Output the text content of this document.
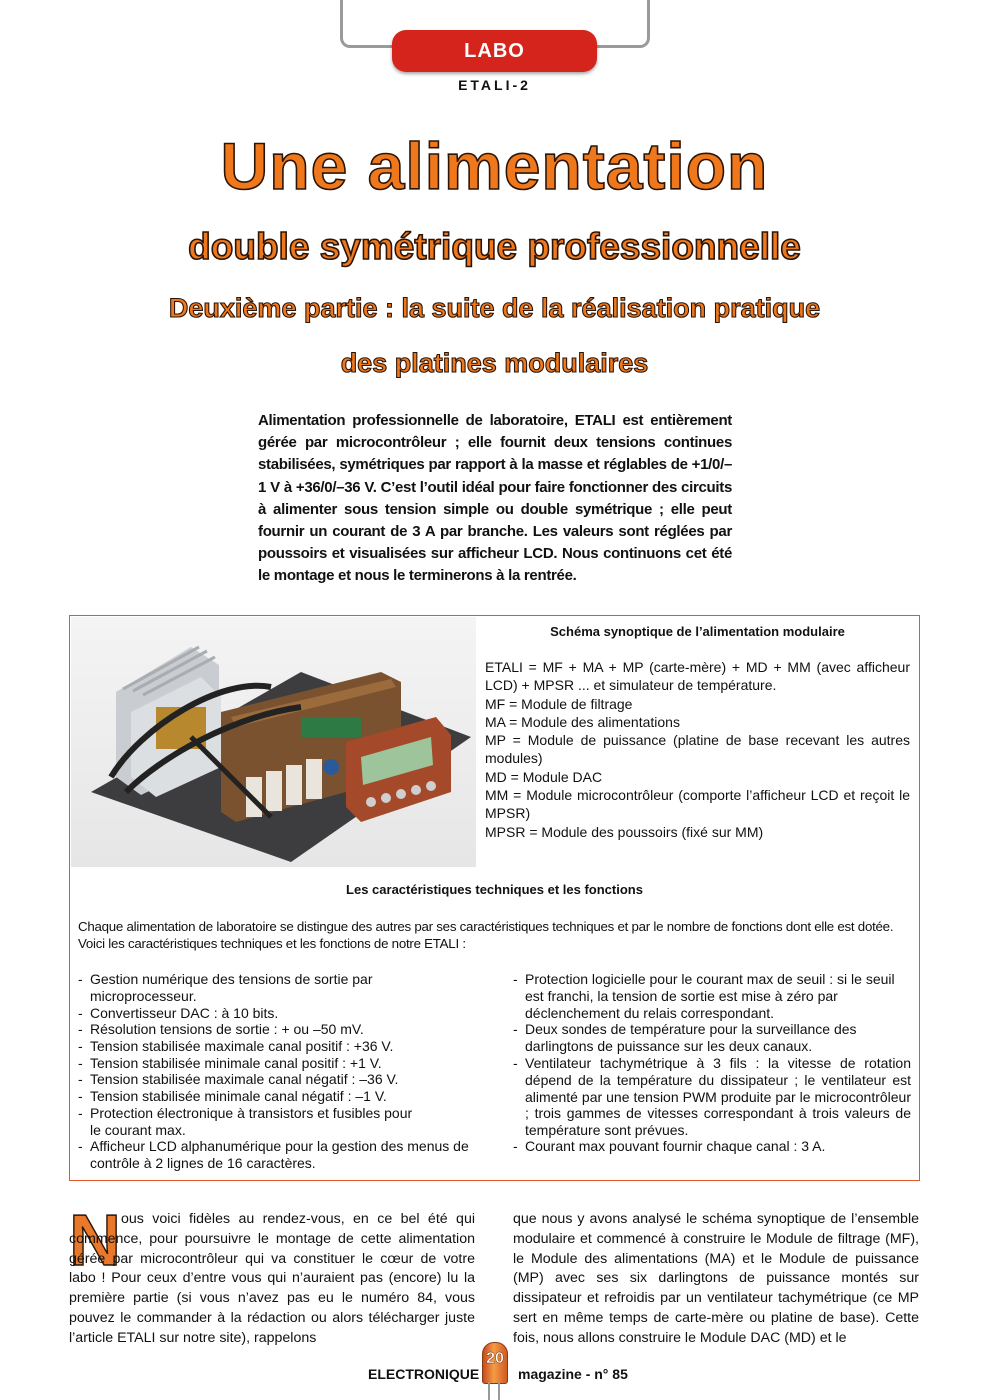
LABO
ETALI-2
Une alimentation
double symétrique professionnelle
Deuxième partie : la suite de la réalisation pratique
des platines modulaires
Alimentation professionnelle de laboratoire, ETALI est entièrement gérée par microcontrôleur ; elle fournit deux tensions continues stabilisées, symétriques par rapport à la masse et réglables de +1/0/–1 V à +36/0/–36 V. C’est l’outil idéal pour faire fonctionner des circuits à alimenter sous tension simple ou double symétrique ; elle peut fournir un courant de 3 A par branche. Les valeurs sont réglées par poussoirs et visualisées sur afficheur LCD. Nous continuons cet été le montage et nous le terminerons à la rentrée.
Schéma synoptique de l’alimentation modulaire
ETALI = MF + MA + MP (carte-mère) + MD + MM (avec afficheur LCD) + MPSR ... et simulateur de température.
MF = Module de filtrage
MA = Module des alimentations
MP = Module de puissance (platine de base recevant les autres modules)
MD = Module DAC
MM = Module microcontrôleur (comporte l’afficheur LCD et reçoit le MPSR)
MPSR = Module des poussoirs (fixé sur MM)
Les caractéristiques techniques et les fonctions
Chaque alimentation de laboratoire se distingue des autres par ses caractéristiques techniques et par le nombre de fonctions dont elle est dotée. Voici les caractéristiques techniques et les fonctions de notre ETALI :
- Gestion numérique des tensions de sortie par microprocesseur.
- Convertisseur DAC : à 10 bits.
- Résolution tensions de sortie : + ou –50 mV.
- Tension stabilisée maximale canal positif : +36 V.
- Tension stabilisée minimale canal positif : +1 V.
- Tension stabilisée maximale canal négatif : –36 V.
- Tension stabilisée minimale canal négatif : –1 V.
- Protection électronique à transistors et fusibles pour le courant max.
- Afficheur LCD alphanumérique pour la gestion des menus de contrôle à 2 lignes de 16 caractères.
- Protection logicielle pour le courant max de seuil : si le seuil est franchi, la tension de sortie est mise à zéro par déclenchement du relais correspondant.
- Deux sondes de température pour la surveillance des darlingtons de puissance sur les deux canaux.
- Ventilateur tachymétrique à 3 fils : la vitesse de rotation dépend de la température du dissipateur ; le ventilateur est alimenté par une tension PWM produite par le microcontrôleur ; trois gammes de vitesses correspondant à trois valeurs de température sont prévues.
- Courant max pouvant fournir chaque canal : 3 A.
N ous voici fidèles au rendez-vous, en ce bel été qui commence, pour poursuivre le montage de cette alimentation gérée par microcontrôleur qui va constituer le cœur de votre labo ! Pour ceux d’entre vous qui n’auraient pas (encore) lu la première partie (si vous n’avez pas eu le numéro 84, vous pouvez le commander à la rédaction ou alors télécharger juste l’article ETALI sur notre site), rappelons
que nous y avons analysé le schéma synoptique de l’ensemble modulaire et commencé à construire le Module de filtrage (MF), le Module des alimentations (MA) et le Module de puissance (MP) avec ses six darlingtons de puissance montés sur dissipateur et refroidis par un ventilateur tachymétrique (ce MP sert en même temps de carte-mère ou platine de base). Cette fois, nous allons construire le Module DAC (MD) et le
ELECTRONIQUE
20
magazine - n° 85
